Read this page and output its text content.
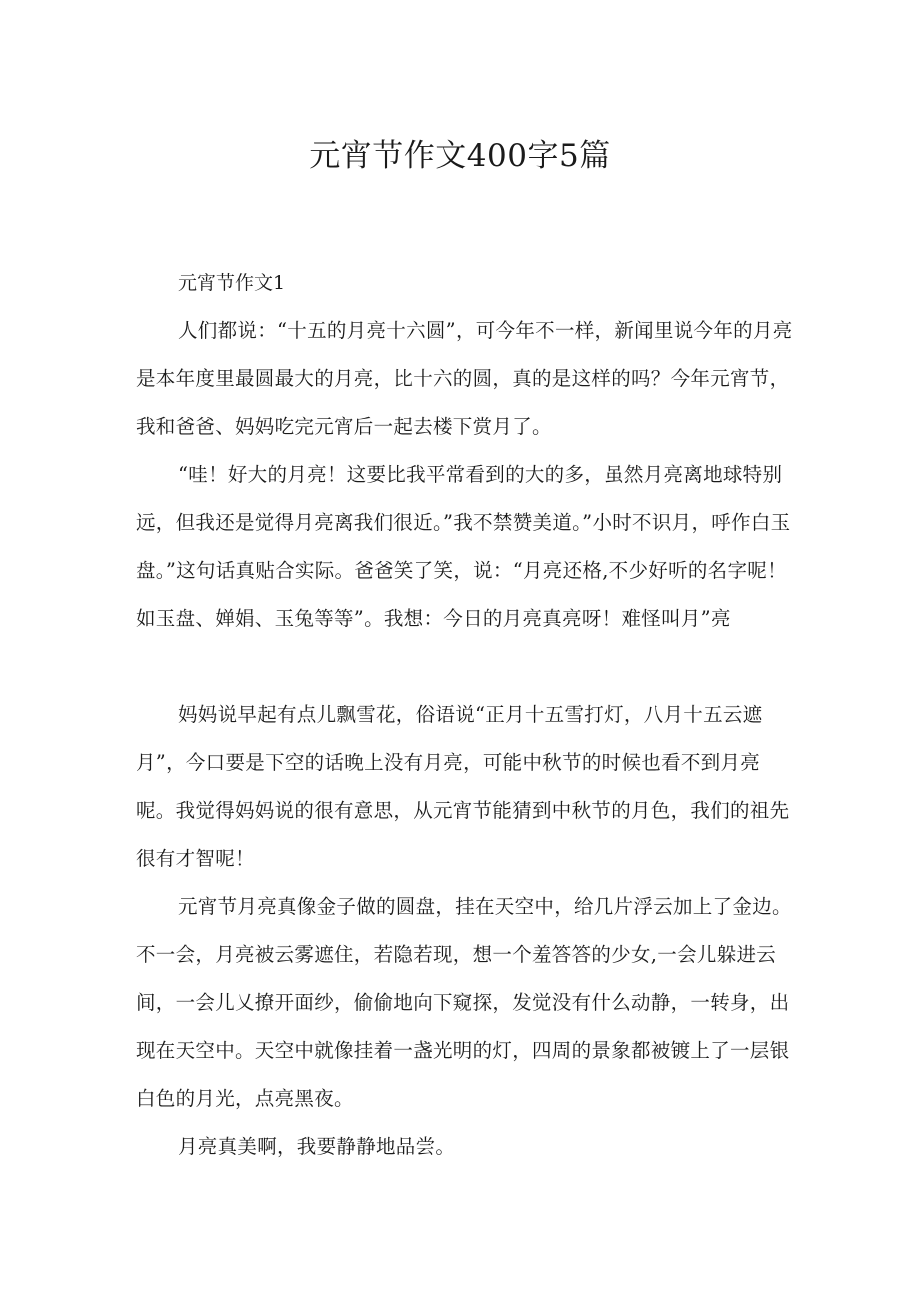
元宵节作文400字5篇

元宵节作文1

人们都说：“十五的月亮十六圆”，可今年不一样，新闻里说今年的月亮是本年度里最圆最大的月亮，比十六的圆，真的是这样的吗？今年元宵节，我和爸爸、妈妈吃完元宵后一起去楼下赏月了。

“哇！好大的月亮！这要比我平常看到的大的多，虽然月亮离地球特别远，但我还是觉得月亮离我们很近。”我不禁赞美道。”小时不识月，呼作白玉盘。”这句话真贴合实际。爸爸笑了笑，说：“月亮还格,不少好听的名字呢！如玉盘、婵娟、玉兔等等”。我想：今日的月亮真亮呀！难怪叫月”亮

妈妈说早起有点儿飘雪花，俗语说“正月十五雪打灯，八月十五云遮月”，今口要是下空的话晚上没有月亮，可能中秋节的时候也看不到月亮呢。我觉得妈妈说的很有意思，从元宵节能猜到中秋节的月色，我们的祖先很有才智呢！

元宵节月亮真像金子做的圆盘，挂在天空中，给几片浮云加上了金边。不一会，月亮被云雾遮住，若隐若现，想一个羞答答的少女,一会儿躲进云间，一会儿乂撩开面纱，偷偷地向下窥探，发觉没有什么动静，一转身，出现在天空中。天空中就像挂着一盏光明的灯，四周的景象都被镀上了一层银白色的月光，点亮黑夜。

月亮真美啊，我要静静地品尝。
